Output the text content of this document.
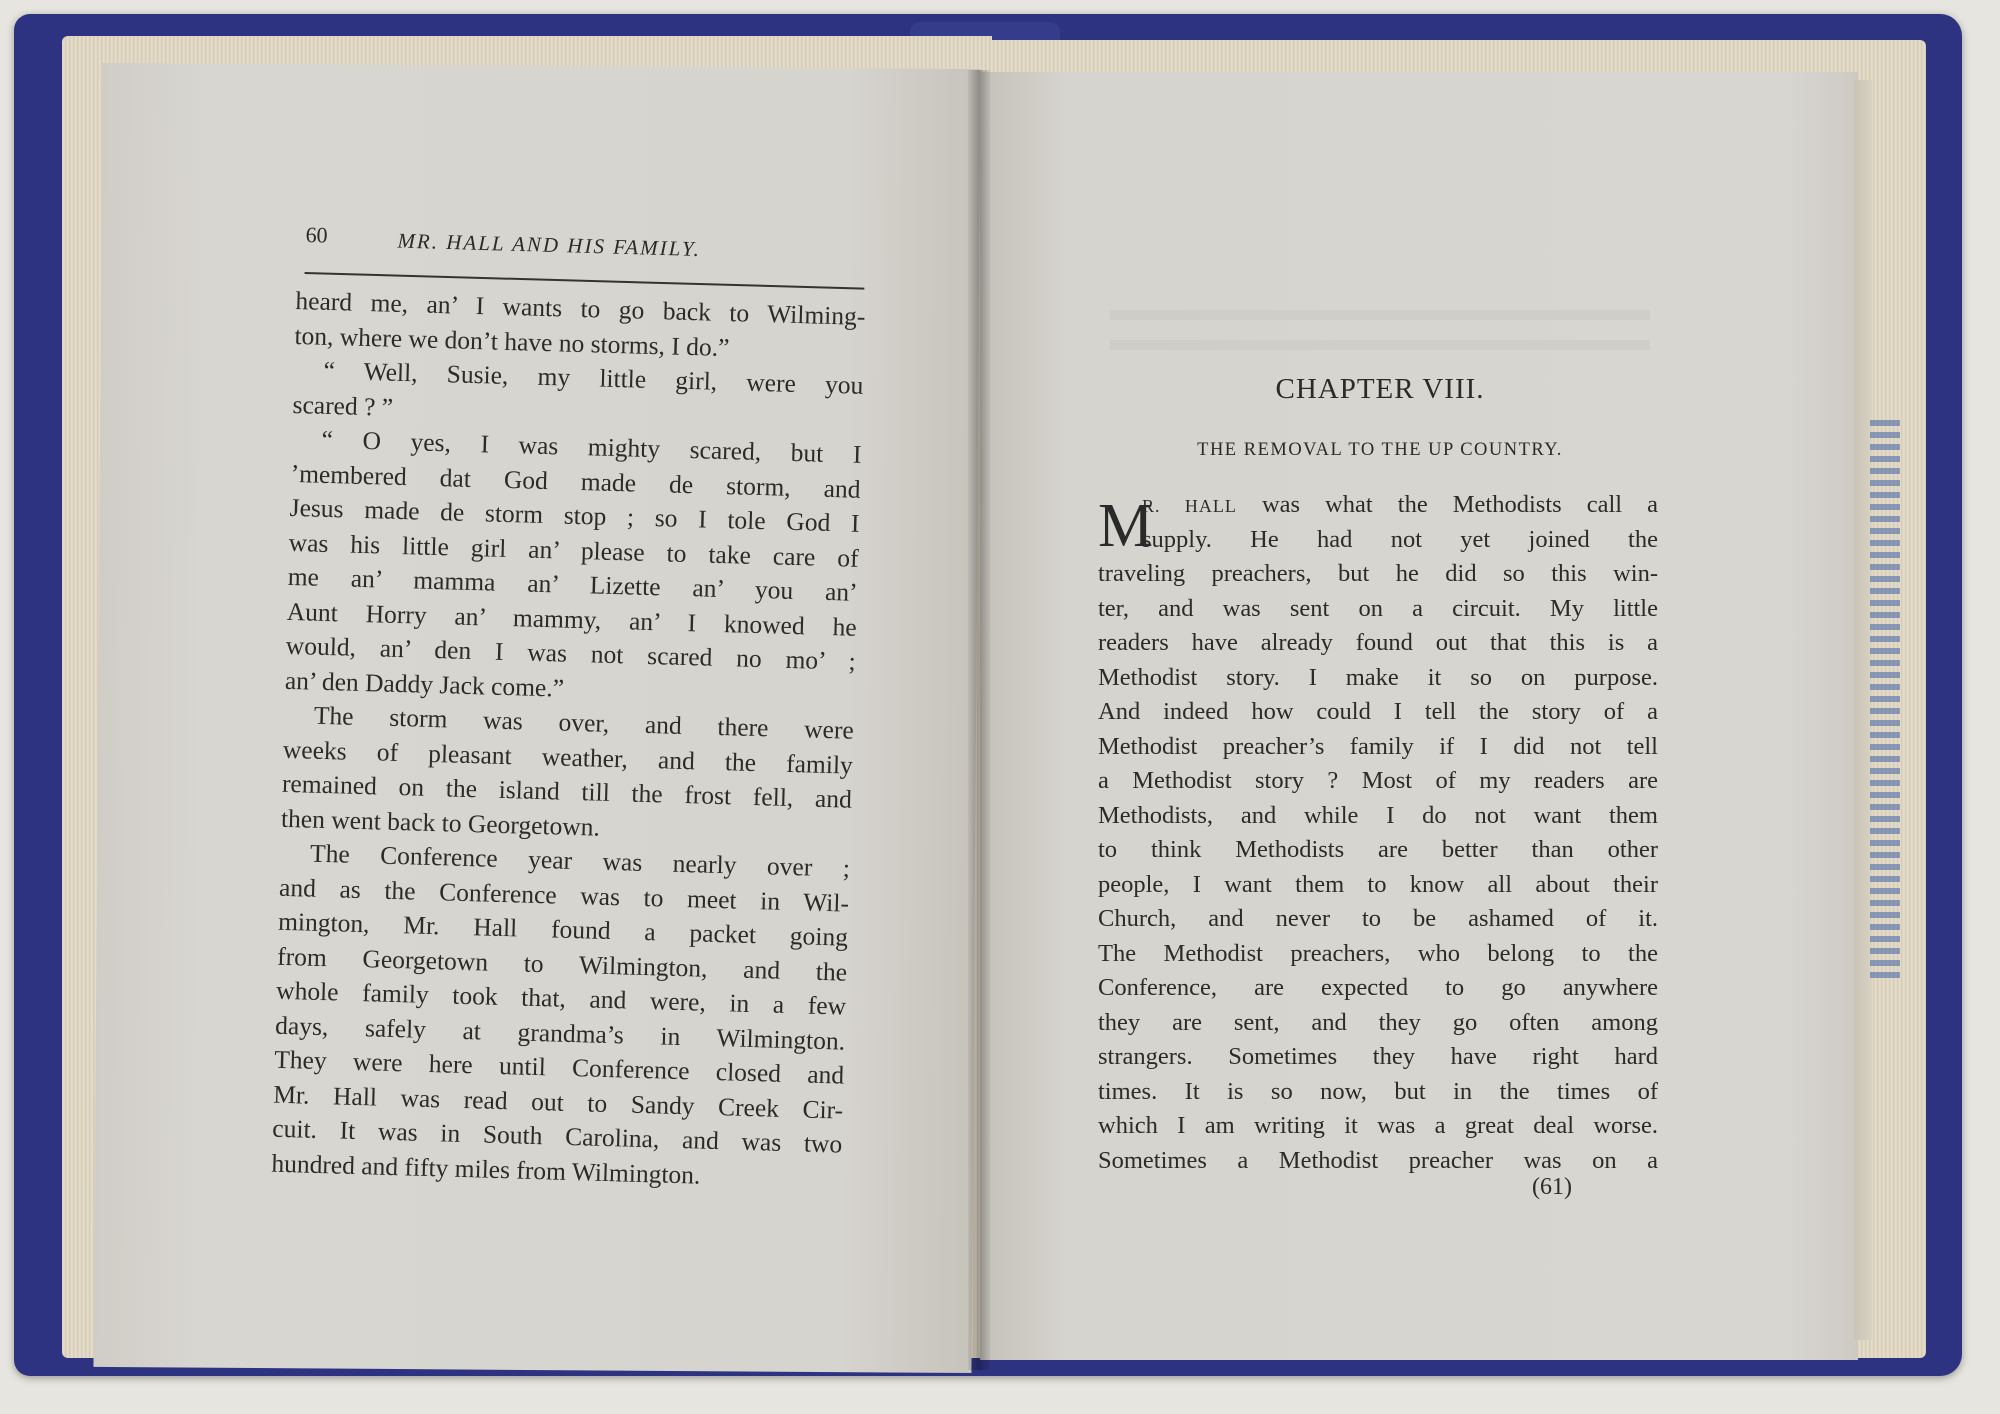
60	MR. HALL AND HIS FAMILY.
heard me, an’ I wants to go back to Wilming-
ton, where we don’t have no storms, I do.”
“ Well, Susie, my little girl, were you
scared ? ”
“ O yes, I was mighty scared, but I
’membered dat God made de storm, and
Jesus made de storm stop ; so I tole God I
was his little girl an’ please to take care of
me an’ mamma an’ Lizette an’ you an’
Aunt Horry an’ mammy, an’ I knowed he
would, an’ den I was not scared no mo’ ;
an’ den Daddy Jack come.”
The storm was over, and there were
weeks of pleasant weather, and the family
remained on the island till the frost fell, and
then went back to Georgetown.
The Conference year was nearly over ;
and as the Conference was to meet in Wil-
mington, Mr. Hall found a packet going
from Georgetown to Wilmington, and the
whole family took that, and were, in a few
days, safely at grandma’s in Wilmington.
They were here until Conference closed and
Mr. Hall was read out to Sandy Creek Cir-
cuit. It was in South Carolina, and was two
hundred and fifty miles from Wilmington.
CHAPTER VIII.
THE REMOVAL TO THE UP COUNTRY.
M
R. HALL was what the Methodists call a
supply. He had not yet joined the
traveling preachers, but he did so this win-
ter, and was sent on a circuit. My little
readers have already found out that this is a
Methodist story. I make it so on purpose.
And indeed how could I tell the story of a
Methodist preacher’s family if I did not tell
a Methodist story ? Most of my readers are
Methodists, and while I do not want them
to think Methodists are better than other
people, I want them to know all about their
Church, and never to be ashamed of it.
The Methodist preachers, who belong to the
Conference, are expected to go anywhere
they are sent, and they go often among
strangers. Sometimes they have right hard
times. It is so now, but in the times of
which I am writing it was a great deal worse.
Sometimes a Methodist preacher was on a
(61)
